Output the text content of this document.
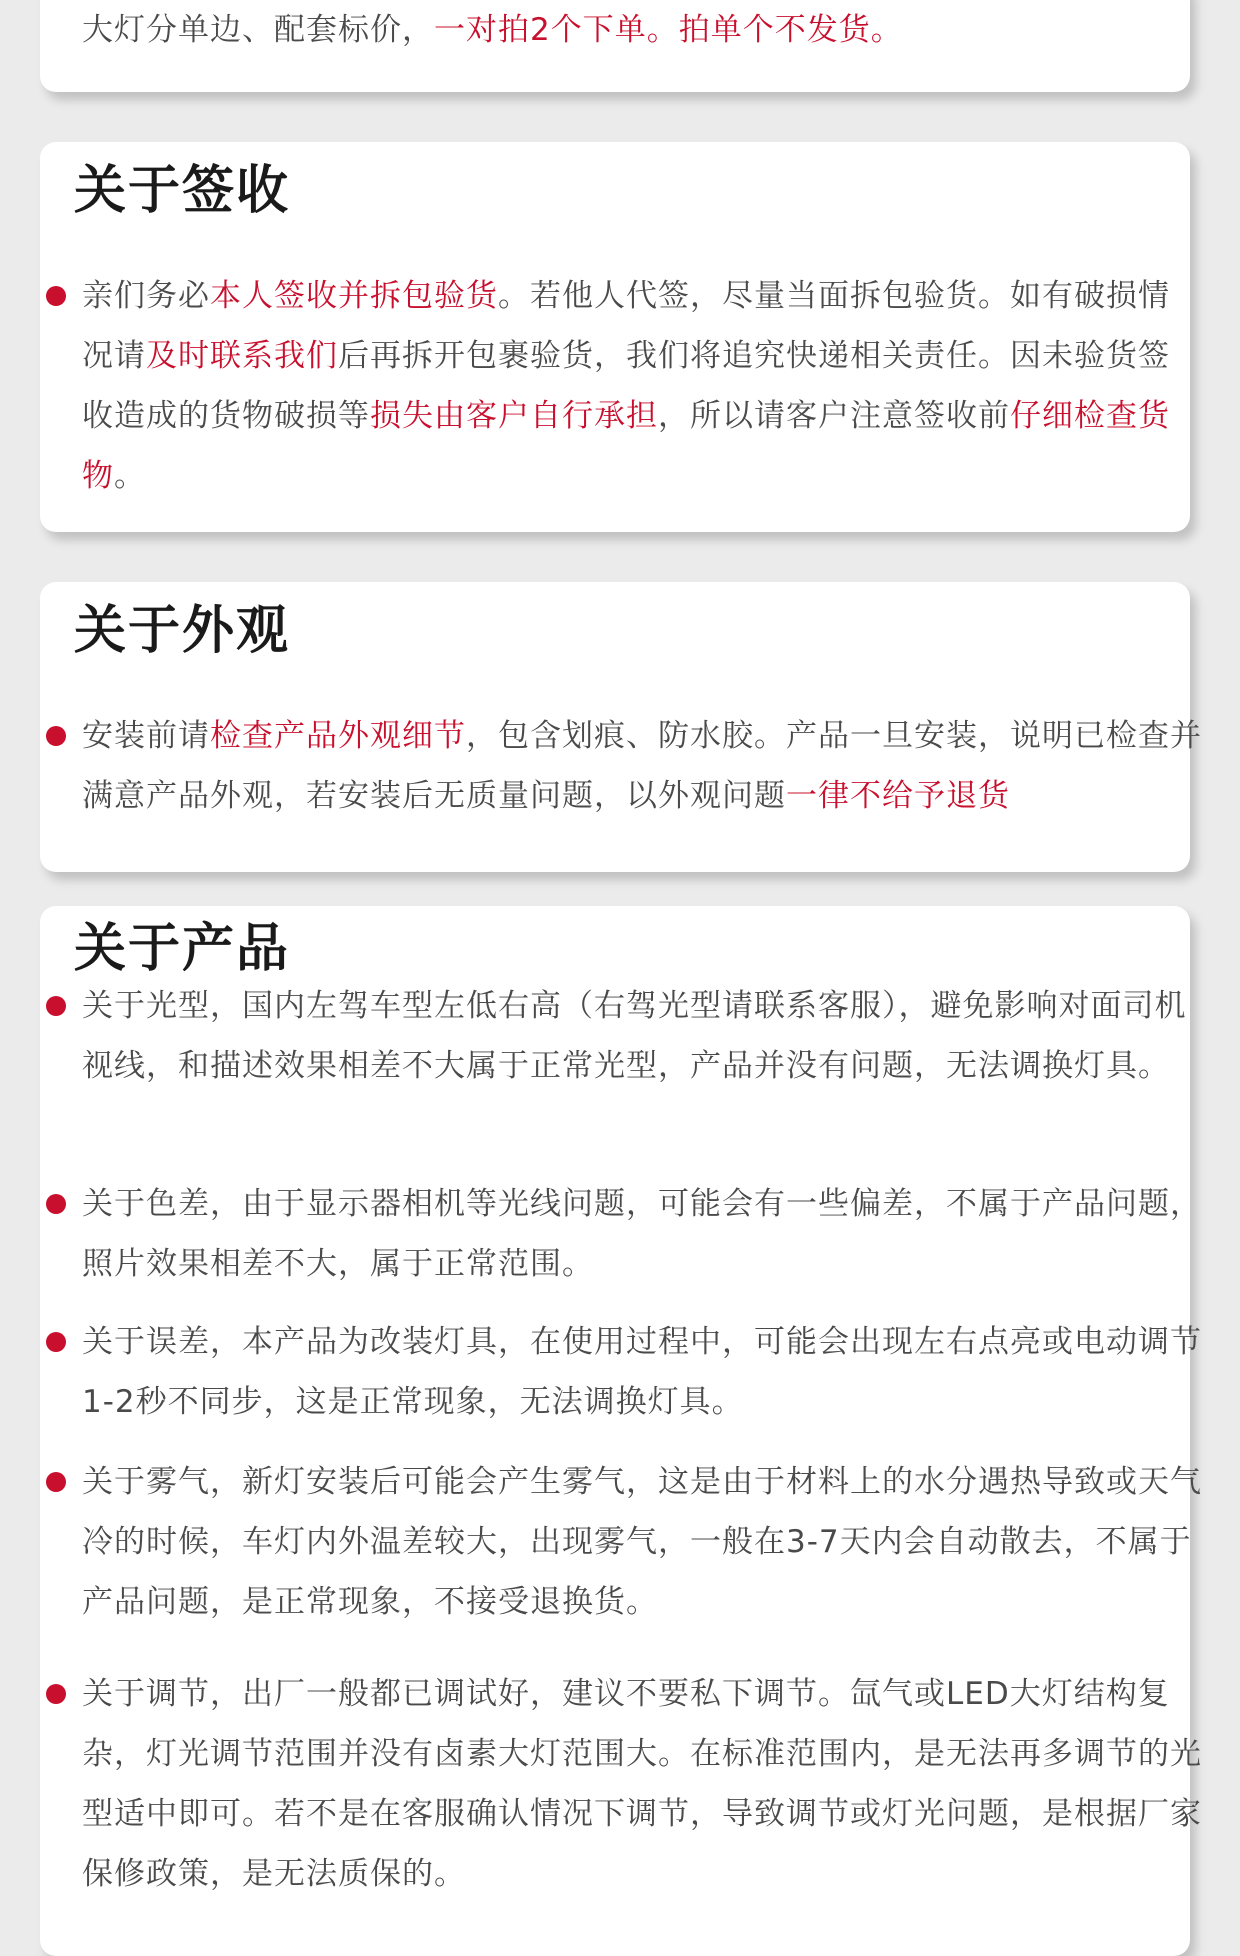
大灯分单边、配套标价，一对拍2个下单。拍单个不发货。

关于签收

亲们务必本人签收并拆包验货。若他人代签，尽量当面拆包验货。如有破损情况请及时联系我们后再拆开包裹验货，我们将追究快递相关责任。因未验货签收造成的货物破损等损失由客户自行承担，所以请客户注意签收前仔细检查货物。

关于外观

安装前请检查产品外观细节，包含划痕、防水胶。产品一旦安装，说明已检查并满意产品外观，若安装后无质量问题，以外观问题一律不给予退货

关于产品

关于光型，国内左驾车型左低右高（右驾光型请联系客服），避免影响对面司机视线，和描述效果相差不大属于正常光型，产品并没有问题，无法调换灯具。

关于色差，由于显示器相机等光线问题，可能会有一些偏差，不属于产品问题，照片效果相差不大，属于正常范围。

关于误差，本产品为改装灯具，在使用过程中，可能会出现左右点亮或电动调节1-2秒不同步，这是正常现象，无法调换灯具。

关于雾气，新灯安装后可能会产生雾气，这是由于材料上的水分遇热导致或天气冷的时候，车灯内外温差较大，出现雾气，一般在3-7天内会自动散去，不属于产品问题，是正常现象，不接受退换货。

关于调节，出厂一般都已调试好，建议不要私下调节。氙气或LED大灯结构复杂，灯光调节范围并没有卤素大灯范围大。在标准范围内，是无法再多调节的光型适中即可。若不是在客服确认情况下调节，导致调节或灯光问题，是根据厂家保修政策，是无法质保的。
